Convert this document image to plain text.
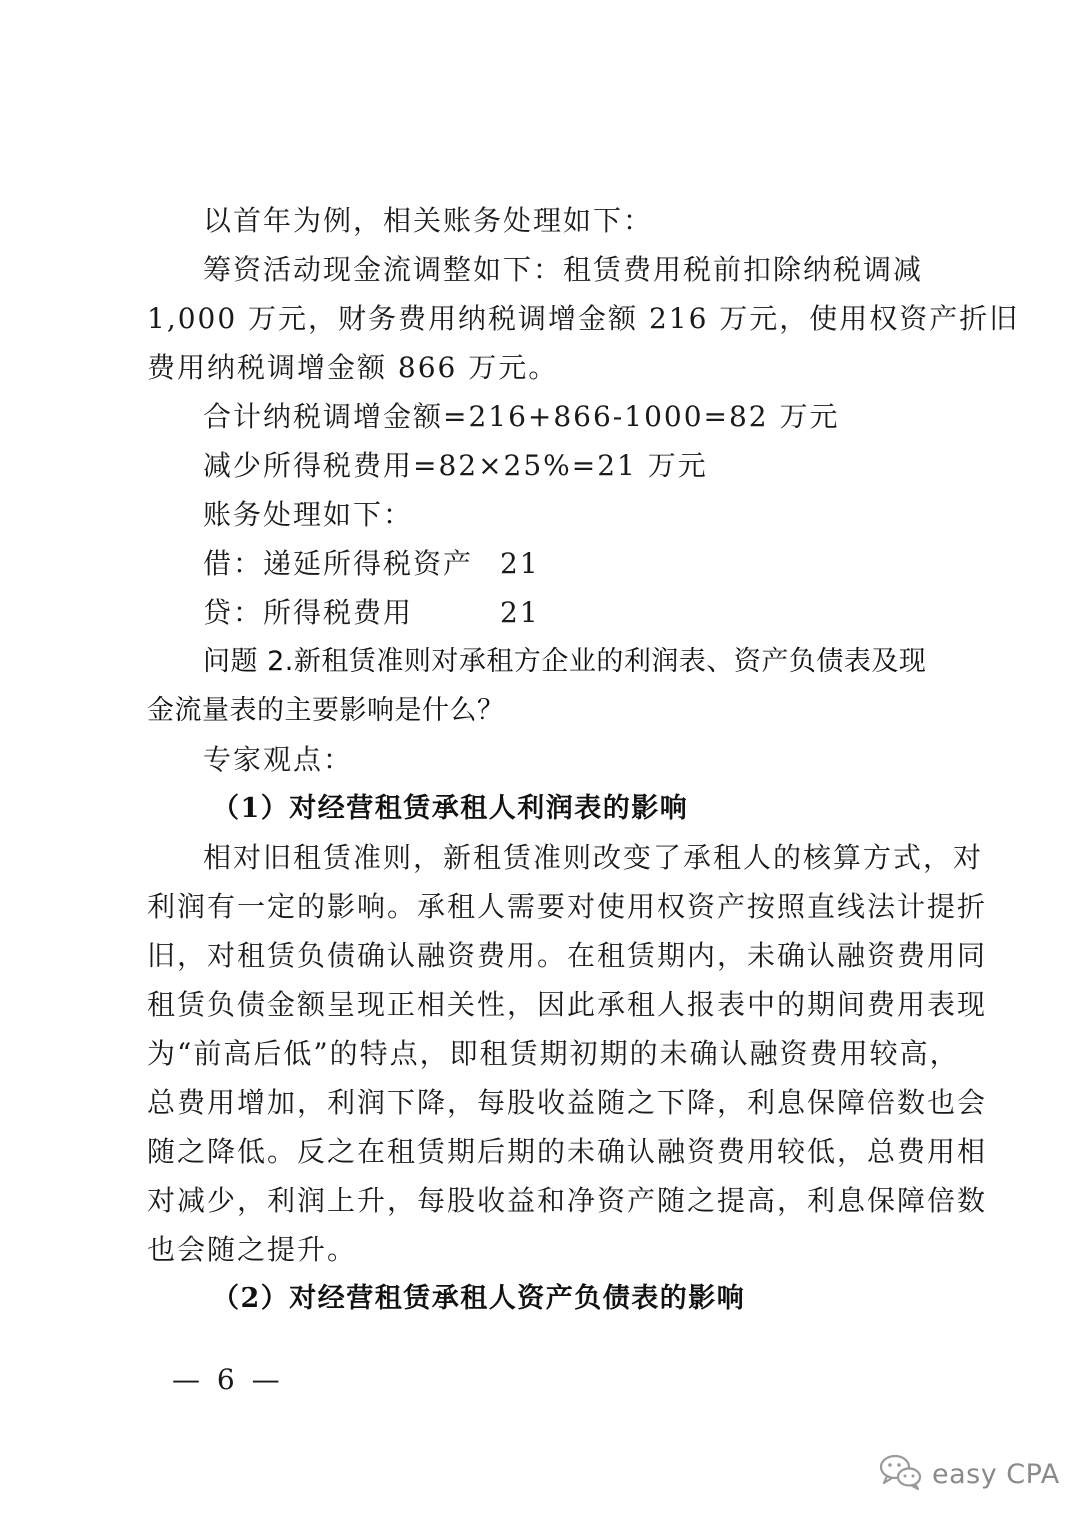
以首年为例，相关账务处理如下：
筹资活动现金流调整如下：租赁费用税前扣除纳税调减
1,000 万元，财务费用纳税调增金额 216 万元，使用权资产折旧
费用纳税调增金额 866 万元。
合计纳税调增金额=216+866-1000=82 万元
减少所得税费用=82×25%=21 万元
账务处理如下：
借：递延所得税资产 21
贷：所得税费用	21
问题 2.新租赁准则对承租方企业的利润表、资产负债表及现
金流量表的主要影响是什么？
专家观点：
（1）对经营租赁承租人利润表的影响
相对旧租赁准则，新租赁准则改变了承租人的核算方式，对
利润有一定的影响。承租人需要对使用权资产按照直线法计提折
旧，对租赁负债确认融资费用。在租赁期内，未确认融资费用同
租赁负债金额呈现正相关性，因此承租人报表中的期间费用表现
为“前高后低”的特点，即租赁期初期的未确认融资费用较高，
总费用增加，利润下降，每股收益随之下降，利息保障倍数也会
随之降低。反之在租赁期后期的未确认融资费用较低，总费用相
对减少，利润上升，每股收益和净资产随之提高，利息保障倍数
也会随之提升。
（2）对经营租赁承租人资产负债表的影响
— 6 —
easy CPA
